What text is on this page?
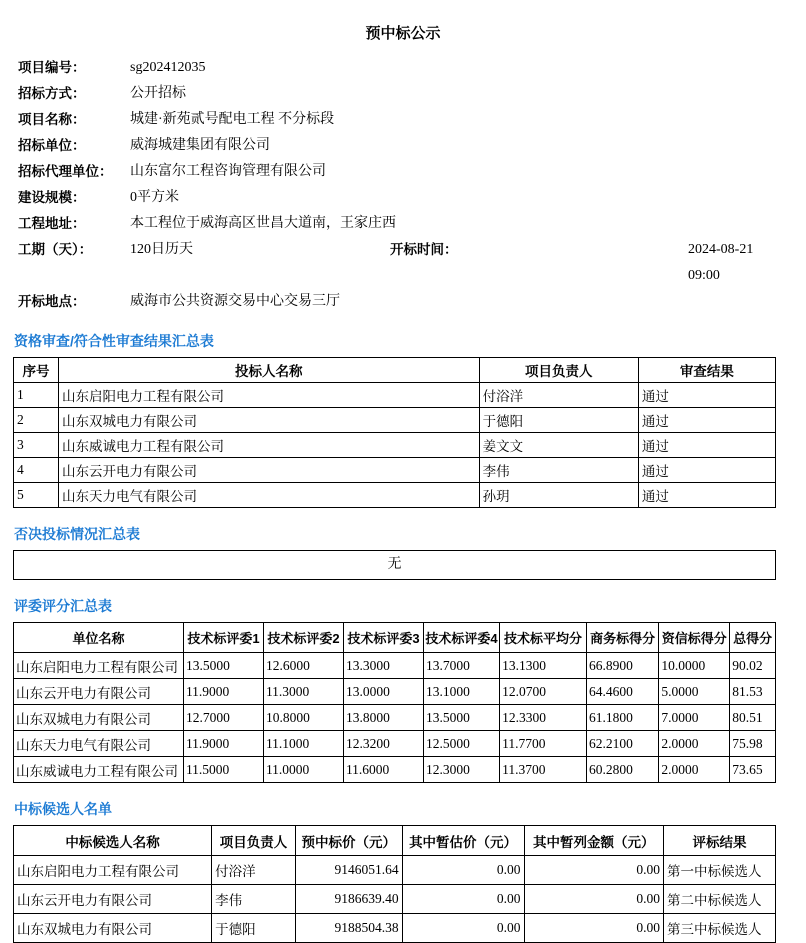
预中标公示
项目编号：	sg202412035
招标方式：	公开招标
项目名称：	城建·新苑贰号配电工程 不分标段
招标单位：	威海城建集团有限公司
招标代理单位：	山东富尔工程咨询管理有限公司
建设规模：	0平方米
工程地址：	本工程位于威海高区世昌大道南，王家庄西
工期（天）：	120日历天	开标时间：	2024-08-21
09:00
开标地点：	威海市公共资源交易中心交易三厅
资格审查/符合性审查结果汇总表
序号	投标人名称	项目负责人	审查结果
1	山东启阳电力工程有限公司	付浴洋	通过
2	山东双城电力有限公司	于德阳	通过
3	山东威诚电力工程有限公司	姜文文	通过
4	山东云开电力有限公司	李伟	通过
5	山东天力电气有限公司	孙玥	通过
否决投标情况汇总表
无
评委评分汇总表
单位名称	技术标评委1	技术标评委2	技术标评委3	技术标评委4	技术标平均分	商务标得分	资信标得分	总得分
山东启阳电力工程有限公司	13.5000	12.6000	13.3000	13.7000	13.1300	66.8900	10.0000	90.02
山东云开电力有限公司	11.9000	11.3000	13.0000	13.1000	12.0700	64.4600	5.0000	81.53
山东双城电力有限公司	12.7000	10.8000	13.8000	13.5000	12.3300	61.1800	7.0000	80.51
山东天力电气有限公司	11.9000	11.1000	12.3200	12.5000	11.7700	62.2100	2.0000	75.98
山东威诚电力工程有限公司	11.5000	11.0000	11.6000	12.3000	11.3700	60.2800	2.0000	73.65
中标候选人名单
中标候选人名称	项目负责人	预中标价（元）	其中暂估价（元）	其中暂列金额（元）	评标结果
山东启阳电力工程有限公司	付浴洋	9146051.64	0.00	0.00	第一中标候选人
山东云开电力有限公司	李伟	9186639.40	0.00	0.00	第二中标候选人
山东双城电力有限公司	于德阳	9188504.38	0.00	0.00	第三中标候选人
